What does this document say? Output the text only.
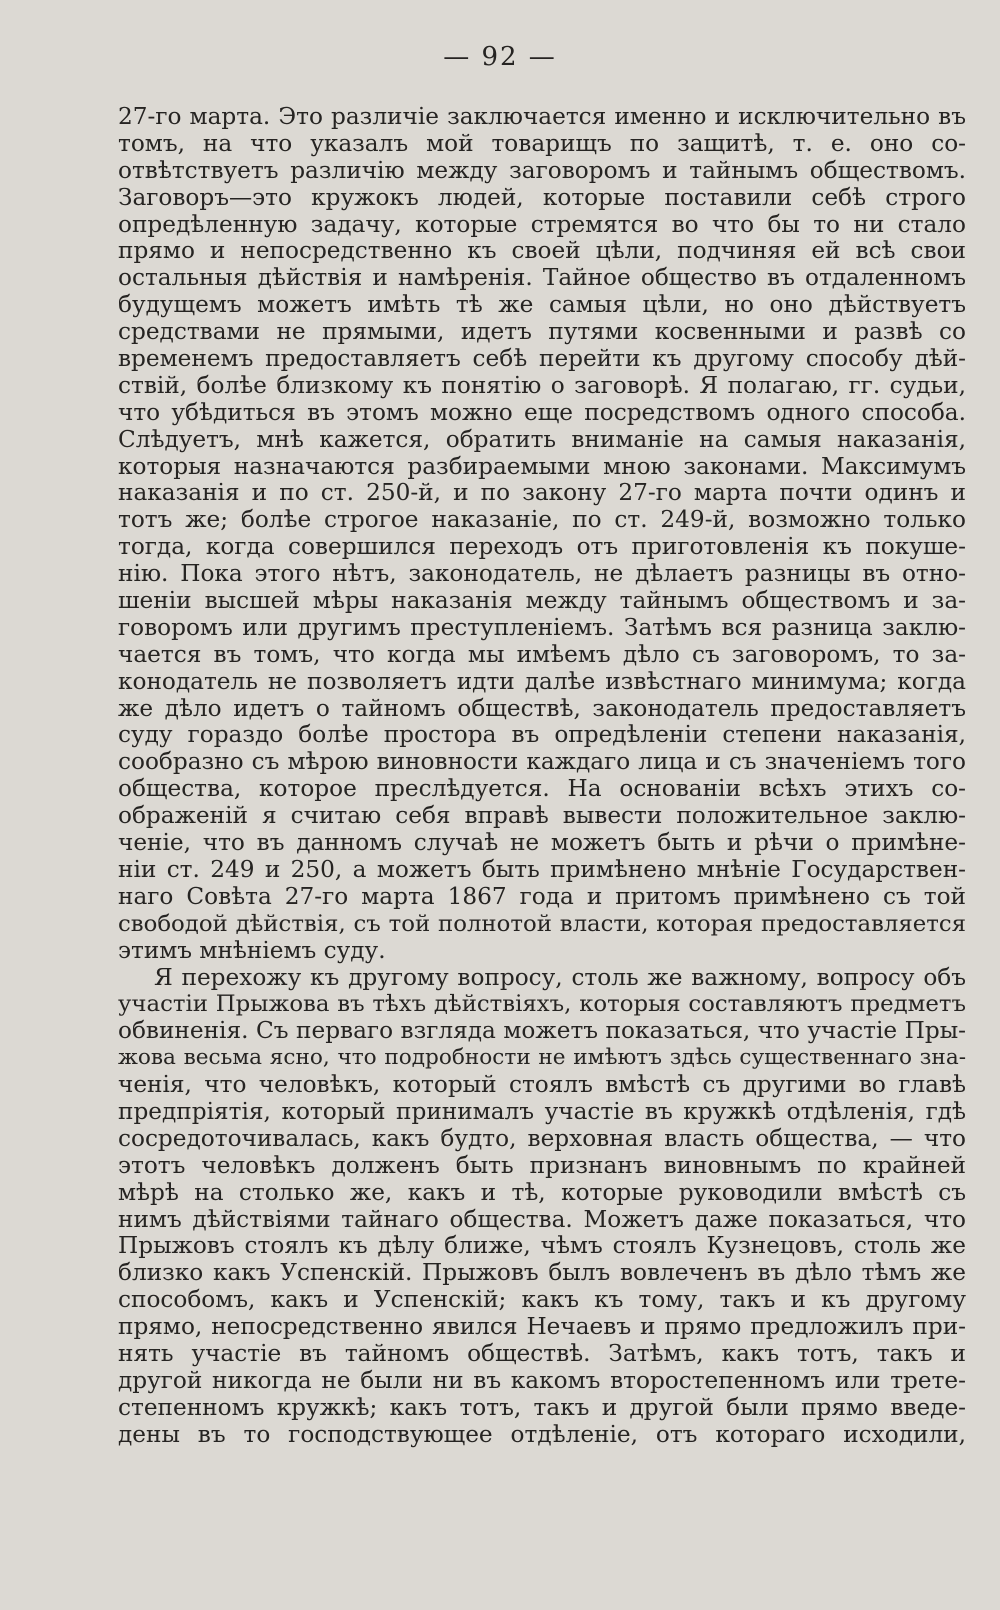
— 92 —
27-го марта. Это различіе заключается именно и исключительно въ
томъ, на что указалъ мой товарищъ по защитѣ, т. е. оно со-
отвѣтствуетъ различію между заговоромъ и тайнымъ обществомъ.
Заговоръ—это кружокъ людей, которые поставили себѣ строго
опредѣленную задачу, которые стремятся во что бы то ни стало
прямо и непосредственно къ своей цѣли, подчиняя ей всѣ свои
остальныя дѣйствія и намѣренія. Тайное общество въ отдаленномъ
будущемъ можетъ имѣть тѣ же самыя цѣли, но оно дѣйствуетъ
средствами не прямыми, идетъ путями косвенными и развѣ со
временемъ предоставляетъ себѣ перейти къ другому способу дѣй-
ствій, болѣе близкому къ понятію о заговорѣ. Я полагаю, гг. судьи,
что убѣдиться въ этомъ можно еще посредствомъ одного способа.
Слѣдуетъ, мнѣ кажется, обратить вниманіе на самыя наказанія,
которыя назначаются разбираемыми мною законами. Максимумъ
наказанія и по ст. 250-й, и по закону 27-го марта почти одинъ и
тотъ же; болѣе строгое наказаніе, по ст. 249-й, возможно только
тогда, когда совершился переходъ отъ приготовленія къ покуше-
нію. Пока этого нѣтъ, законодатель, не дѣлаетъ разницы въ отно-
шеніи высшей мѣры наказанія между тайнымъ обществомъ и за-
говоромъ или другимъ преступленіемъ. Затѣмъ вся разница заклю-
чается въ томъ, что когда мы имѣемъ дѣло съ заговоромъ, то за-
конодатель не позволяетъ идти далѣе извѣстнаго минимума; когда
же дѣло идетъ о тайномъ обществѣ, законодатель предоставляетъ
суду гораздо болѣе простора въ опредѣленіи степени наказанія,
сообразно съ мѣрою виновности каждаго лица и съ значеніемъ того
общества, которое преслѣдуется. На основаніи всѣхъ этихъ со-
ображеній я считаю себя вправѣ вывести положительное заклю-
ченіе, что въ данномъ случаѣ не можетъ быть и рѣчи о примѣне-
ніи ст. 249 и 250, а можетъ быть примѣнено мнѣніе Государствен-
наго Совѣта 27-го марта 1867 года и притомъ примѣнено съ той
свободой дѣйствія, съ той полнотой власти, которая предоставляется
этимъ мнѣніемъ суду.
Я перехожу къ другому вопросу, столь же важному, вопросу объ
участіи Прыжова въ тѣхъ дѣйствіяхъ, которыя составляютъ предметъ
обвиненія. Съ перваго взгляда можетъ показаться, что участіе Пры-
жова весьма ясно, что подробности не имѣютъ здѣсь существеннаго зна-
ченія, что человѣкъ, который стоялъ вмѣстѣ съ другими во главѣ
предпріятія, который принималъ участіе въ кружкѣ отдѣленія, гдѣ
сосредоточивалась, какъ будто, верховная власть общества, — что
этотъ человѣкъ долженъ быть признанъ виновнымъ по крайней
мѣрѣ на столько же, какъ и тѣ, которые руководили вмѣстѣ съ
нимъ дѣйствіями тайнаго общества. Можетъ даже показаться, что
Прыжовъ стоялъ къ дѣлу ближе, чѣмъ стоялъ Кузнецовъ, столь же
близко какъ Успенскій. Прыжовъ былъ вовлеченъ въ дѣло тѣмъ же
способомъ, какъ и Успенскій; какъ къ тому, такъ и къ другому
прямо, непосредственно явился Нечаевъ и прямо предложилъ при-
нять участіе въ тайномъ обществѣ. Затѣмъ, какъ тотъ, такъ и
другой никогда не были ни въ какомъ второстепенномъ или трете-
степенномъ кружкѣ; какъ тотъ, такъ и другой были прямо введе-
дены въ то господствующее отдѣленіе, отъ котораго исходили,
